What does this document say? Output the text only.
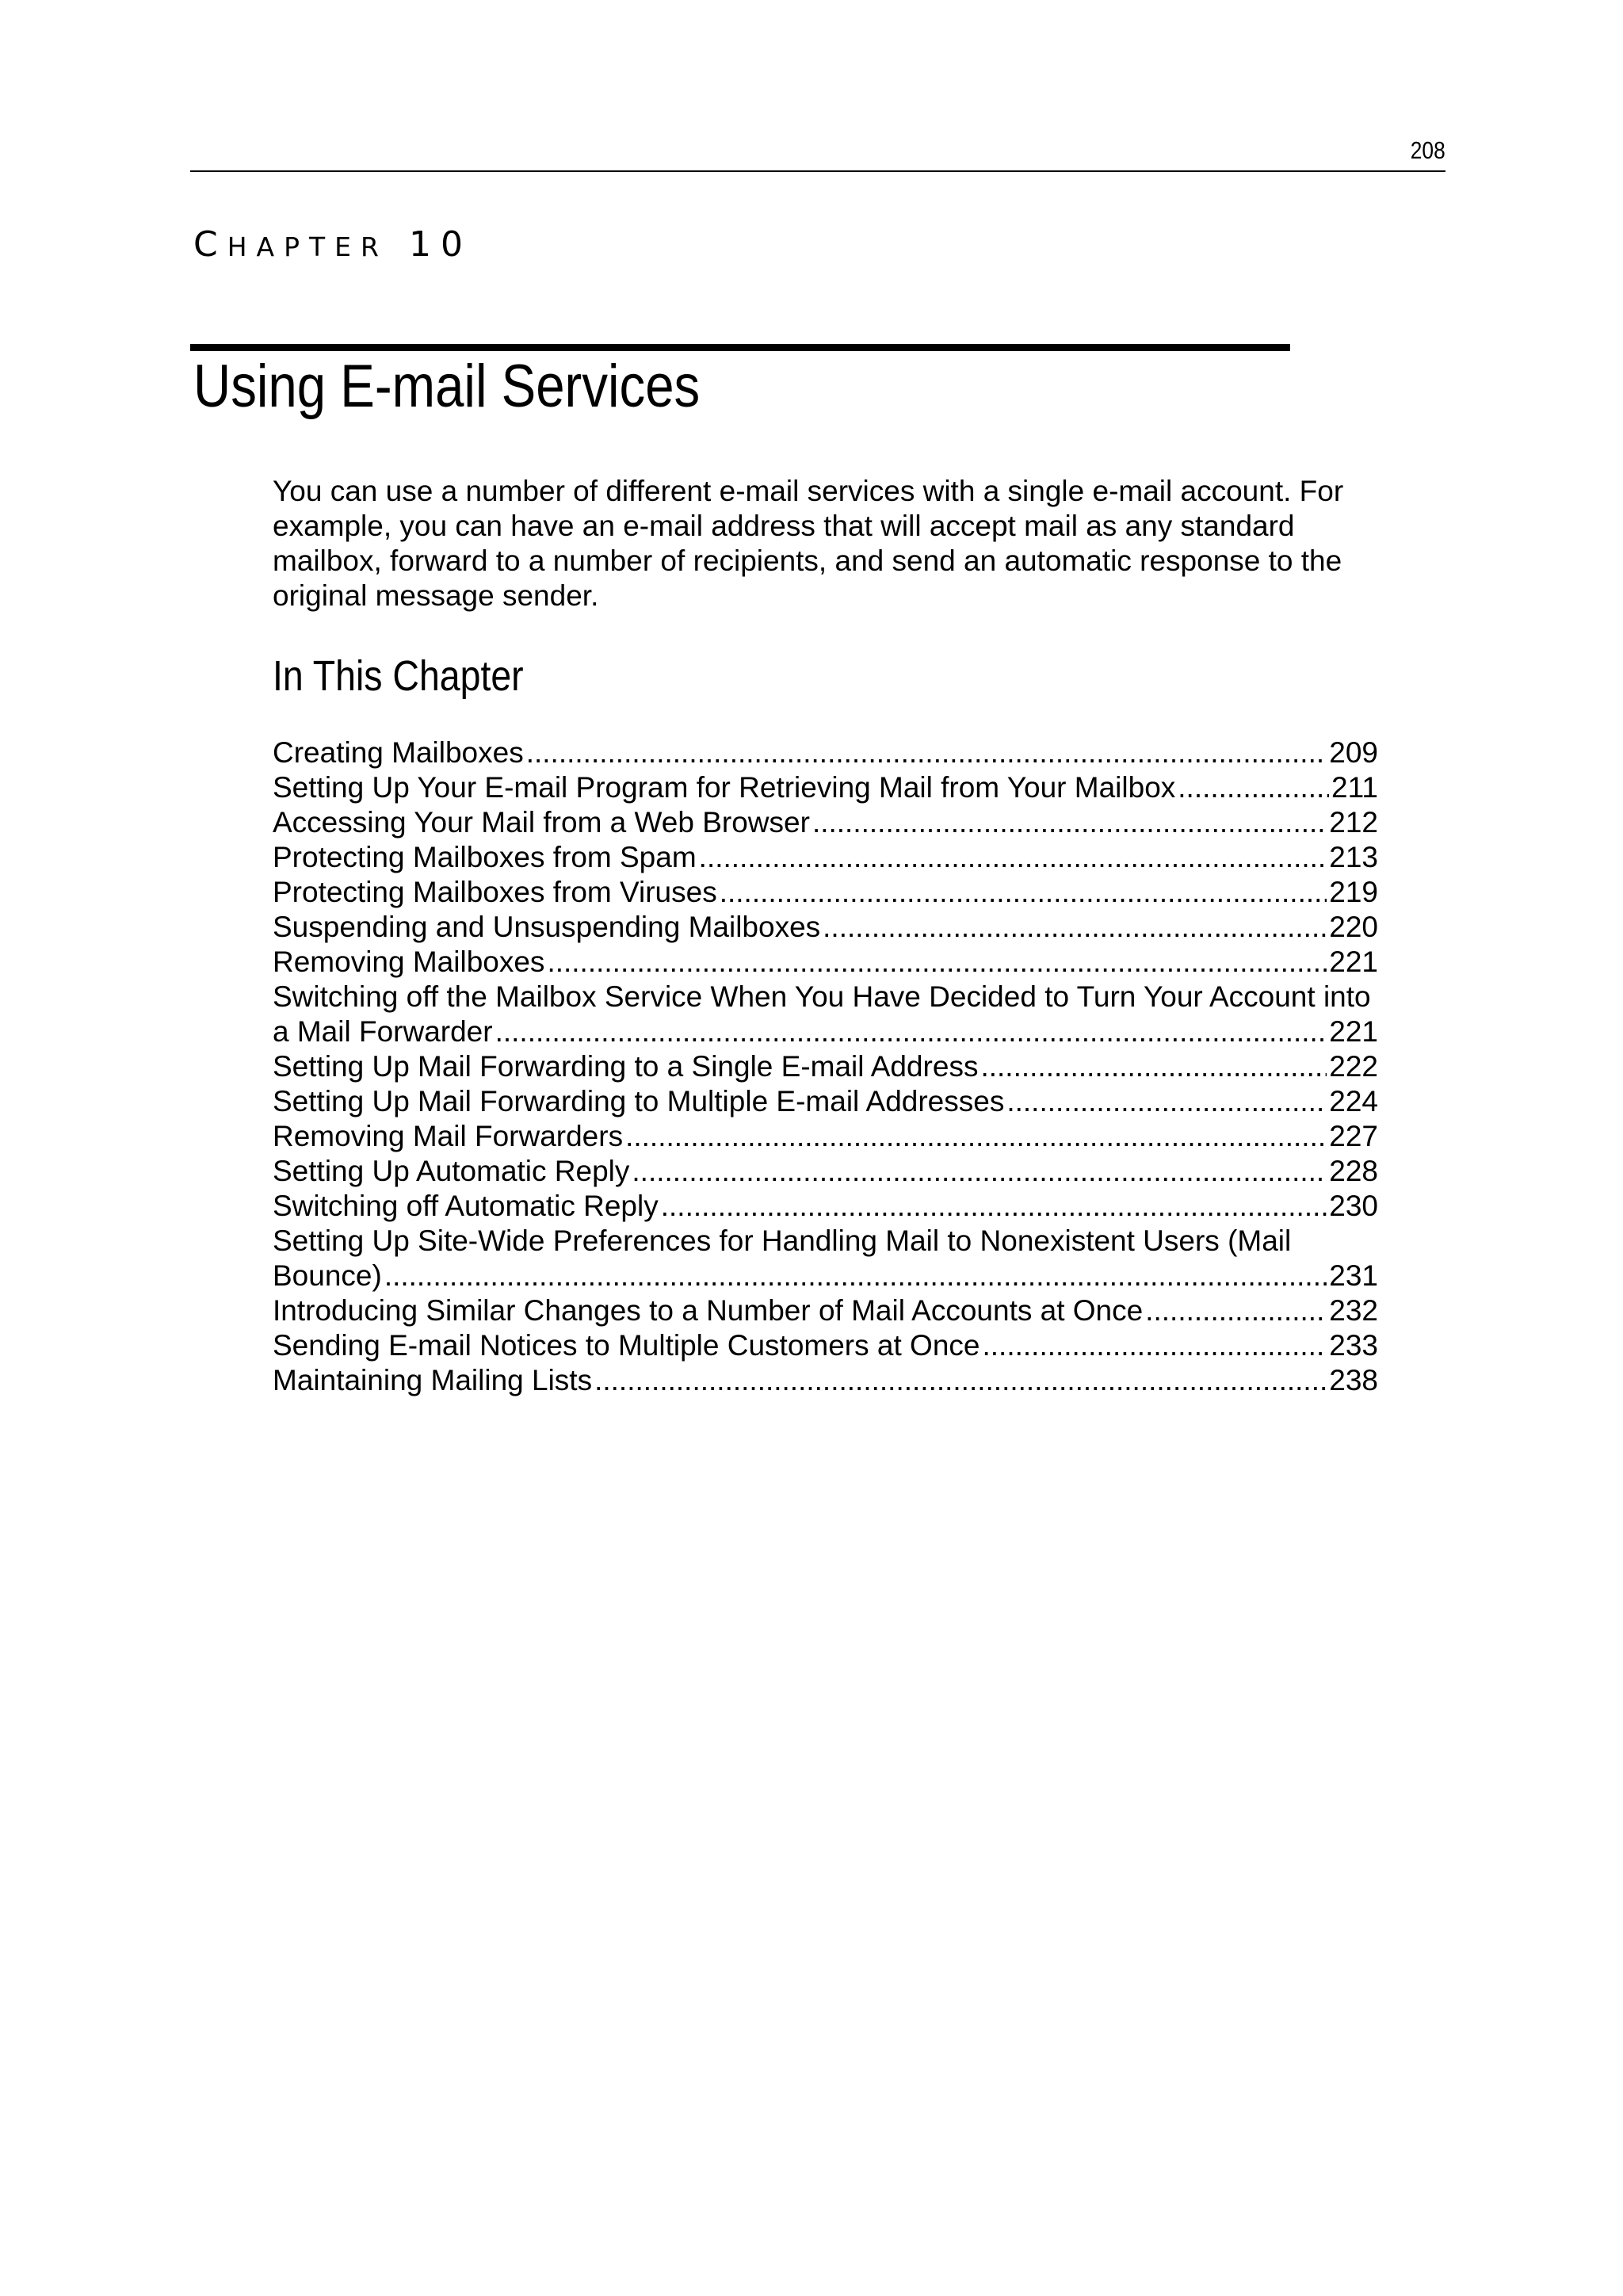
208
CHAPTER 10
Using E-mail Services

You can use a number of different e-mail services with a single e-mail account. For example, you can have an e-mail address that will accept mail as any standard mailbox, forward to a number of recipients, and send an automatic response to the original message sender.

In This Chapter
Creating Mailboxes .....	209
Setting Up Your E-mail Program for Retrieving Mail from Your Mailbox .....	211
Accessing Your Mail from a Web Browser .....	212
Protecting Mailboxes from Spam .....	213
Protecting Mailboxes from Viruses .....	219
Suspending and Unsuspending Mailboxes .....	220
Removing Mailboxes .....	221
Switching off the Mailbox Service When You Have Decided to Turn Your Account into
a Mail Forwarder .....	221
Setting Up Mail Forwarding to a Single E-mail Address .....	222
Setting Up Mail Forwarding to Multiple E-mail Addresses .....	224
Removing Mail Forwarders .....	227
Setting Up Automatic Reply .....	228
Switching off Automatic Reply .....	230
Setting Up Site-Wide Preferences for Handling Mail to Nonexistent Users (Mail
Bounce) .....	231
Introducing Similar Changes to a Number of Mail Accounts at Once .....	232
Sending E-mail Notices to Multiple Customers at Once .....	233
Maintaining Mailing Lists .....	238
